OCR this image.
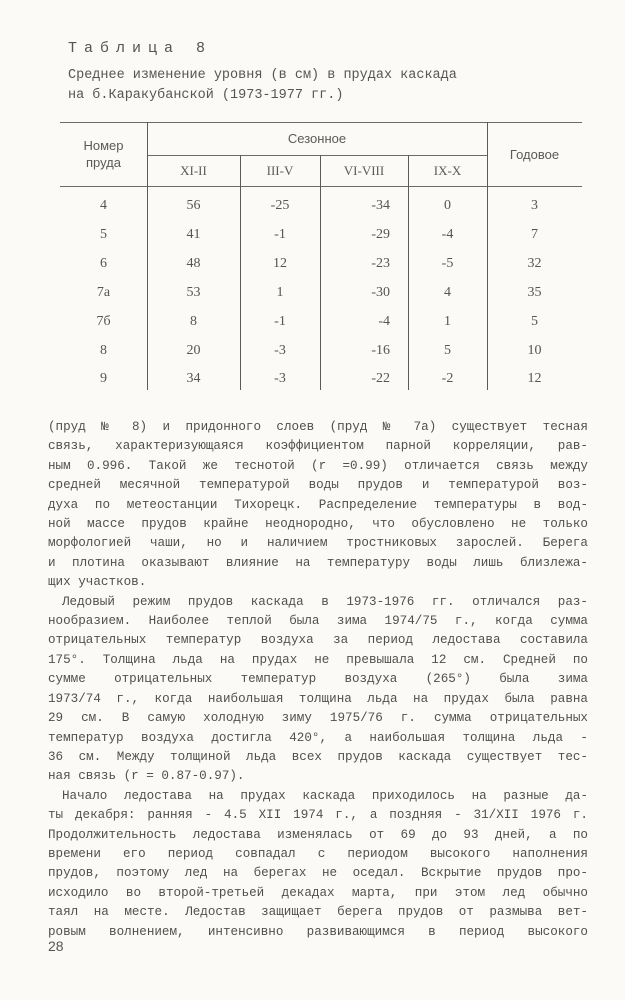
Таблица 8
Среднее изменение уровня (в см) в прудах каскада
на б.Каракубанской (1973-1977 гг.)
Номер пруда
Сезонное
Годовое
XI-II	III-V	VI-VIII	IX-X
4	56	-25	-34	0	3
5	41	-1	-29	-4	7
6	48	12	-23	-5	32
7а	53	1	-30	4	35
7б	8	-1	-4	1	5
8	20	-3	-16	5	10
9	34	-3	-22	-2	12

(пруд № 8) и придонного слоев (пруд № 7а) существует тесная
связь, характеризующаяся коэффициентом парной корреляции, рав-
ным 0.996. Такой же теснотой (r =0.99) отличается связь между
средней месячной температурой воды прудов и температурой воз-
духа по метеостанции Тихорецк. Распределение температуры в вод-
ной массе прудов крайне неоднородно, что обусловлено не только
морфологией чаши, но и наличием тростниковых зарослей. Берега
и плотина оказывают влияние на температуру воды лишь близлежа-
щих участков.

Ледовый режим прудов каскада в 1973-1976 гг. отличался раз-
нообразием. Наиболее теплой была зима 1974/75 г., когда сумма
отрицательных температур воздуха за период ледостава составила
175°. Толщина льда на прудах не превышала 12 см. Средней по
сумме отрицательных температур воздуха (265°) была зима
1973/74 г., когда наибольшая толщина льда на прудах была равна
29 см. В самую холодную зиму 1975/76 г. сумма отрицательных
температур воздуха достигла 420°, а наибольшая толщина льда -
36 см. Между толщиной льда всех прудов каскада существует тес-
ная связь (r = 0.87-0.97).

Начало ледостава на прудах каскада приходилось на разные да-
ты декабря: ранняя - 4.5 XII 1974 г., а поздняя - 31/XII 1976 г.
Продолжительность ледостава изменялась от 69 до 93 дней, а по
времени его период совпадал с периодом высокого наполнения
прудов, поэтому лед на берегах не оседал. Вскрытие прудов про-
исходило во второй-третьей декадах марта, при этом лед обычно
таял на месте. Ледостав защищает берега прудов от размыва вет-
ровым волнением, интенсивно развивающимся в период высокого

28
